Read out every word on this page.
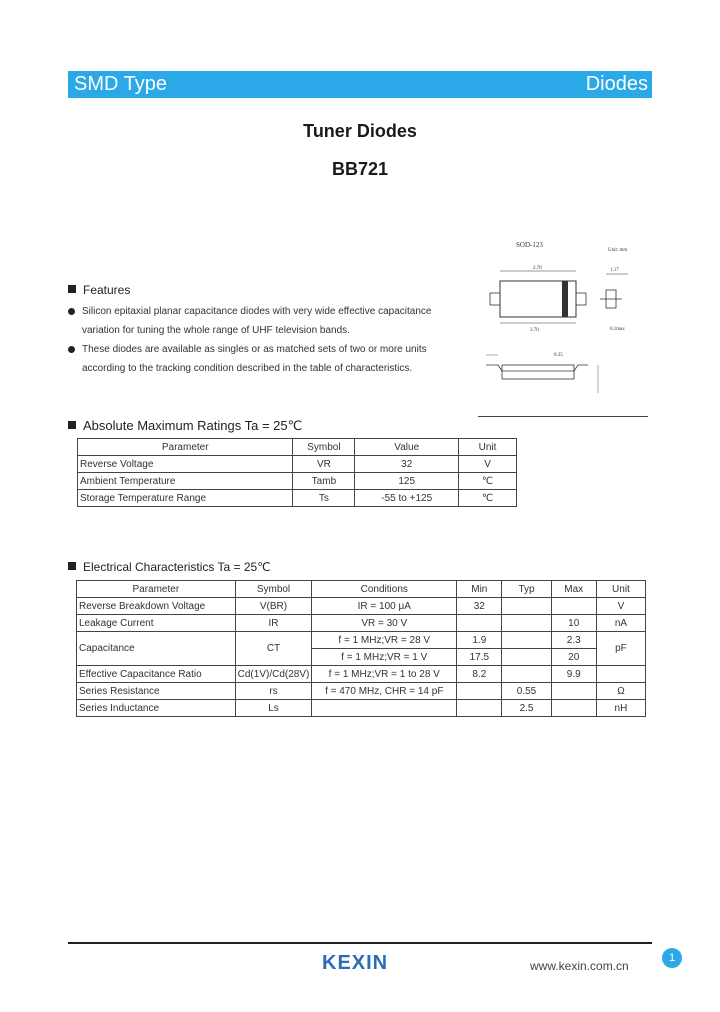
SMD Type	Diodes
Tuner Diodes
BB721
SOD-123
Unit: mm
2.70
3.70
1.17
0.1max
0.35
Features
Silicon epitaxial planar capacitance diodes with very wide effective capacitance
variation for tuning the whole range of UHF television bands.
These diodes are available as singles or as matched sets of two or more units
according to the tracking condition described in the table of characteristics.
Absolute Maximum Ratings Ta = 25℃
Parameter	Symbol	Value	Unit
Reverse Voltage	VR	32	V
Ambient Temperature	Tamb	125	℃
Storage Temperature Range	Ts	-55 to +125	℃
Electrical Characteristics Ta = 25℃
Parameter	Symbol	Conditions	Min	Typ	Max	Unit
Reverse Breakdown Voltage	V(BR)	IR = 100 μA	32			V
Leakage Current	IR	VR = 30 V			10	nA
Capacitance	CT	f = 1 MHz;VR = 28 V	1.9		2.3	pF
		f = 1 MHz;VR = 1 V	17.5		20	
Effective Capacitance Ratio	Cd(1V)/Cd(28V)	f = 1 MHz;VR = 1 to 28 V	8.2		9.9	
Series Resistance	rs	f = 470 MHz, CHR = 14 pF		0.55		Ω
Series Inductance	Ls			2.5		nH
KEXIN	www.kexin.com.cn
1
